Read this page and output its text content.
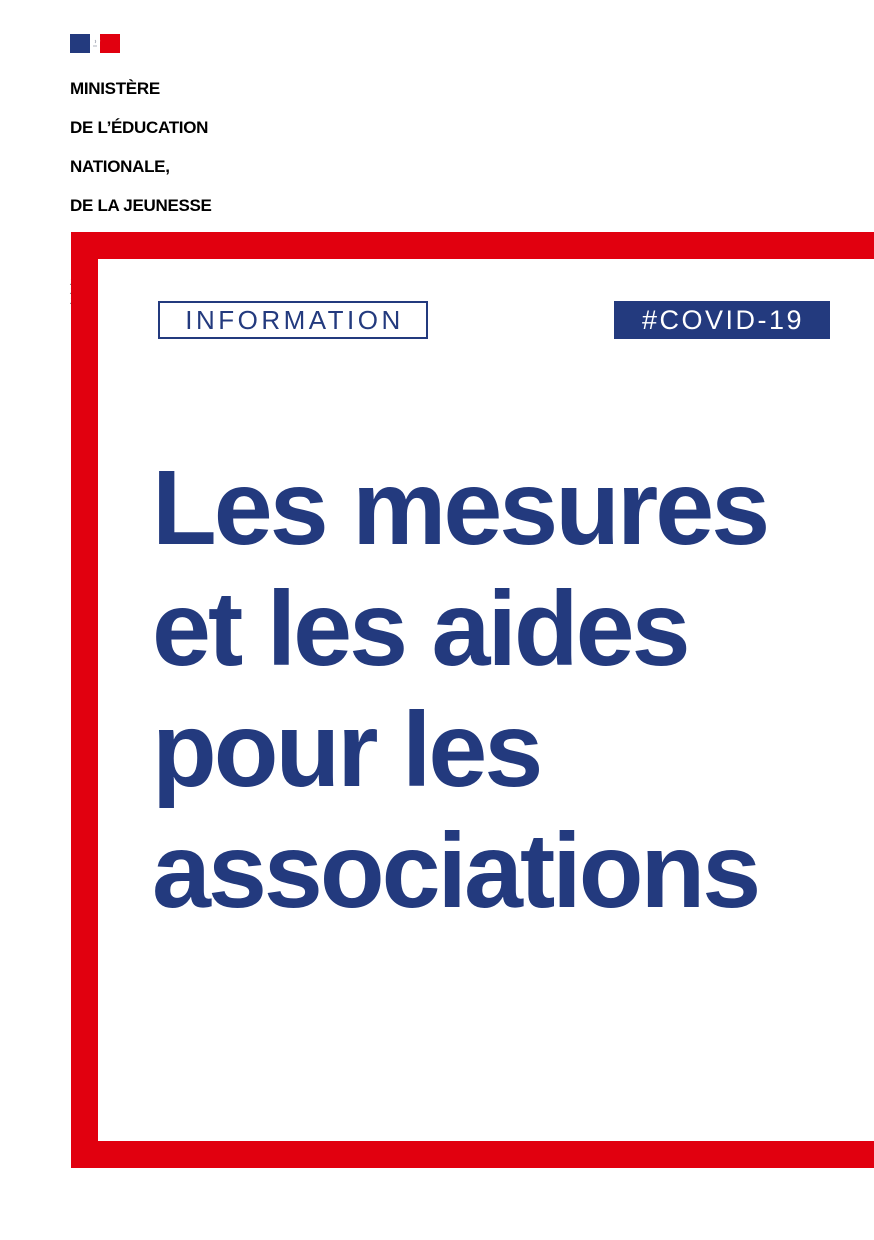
MINISTÈRE

DE L’ÉDUCATION

NATIONALE,

DE LA JEUNESSE

INFORMATION	#COVID-19
Les mesures
et les aides
pour les
associations
